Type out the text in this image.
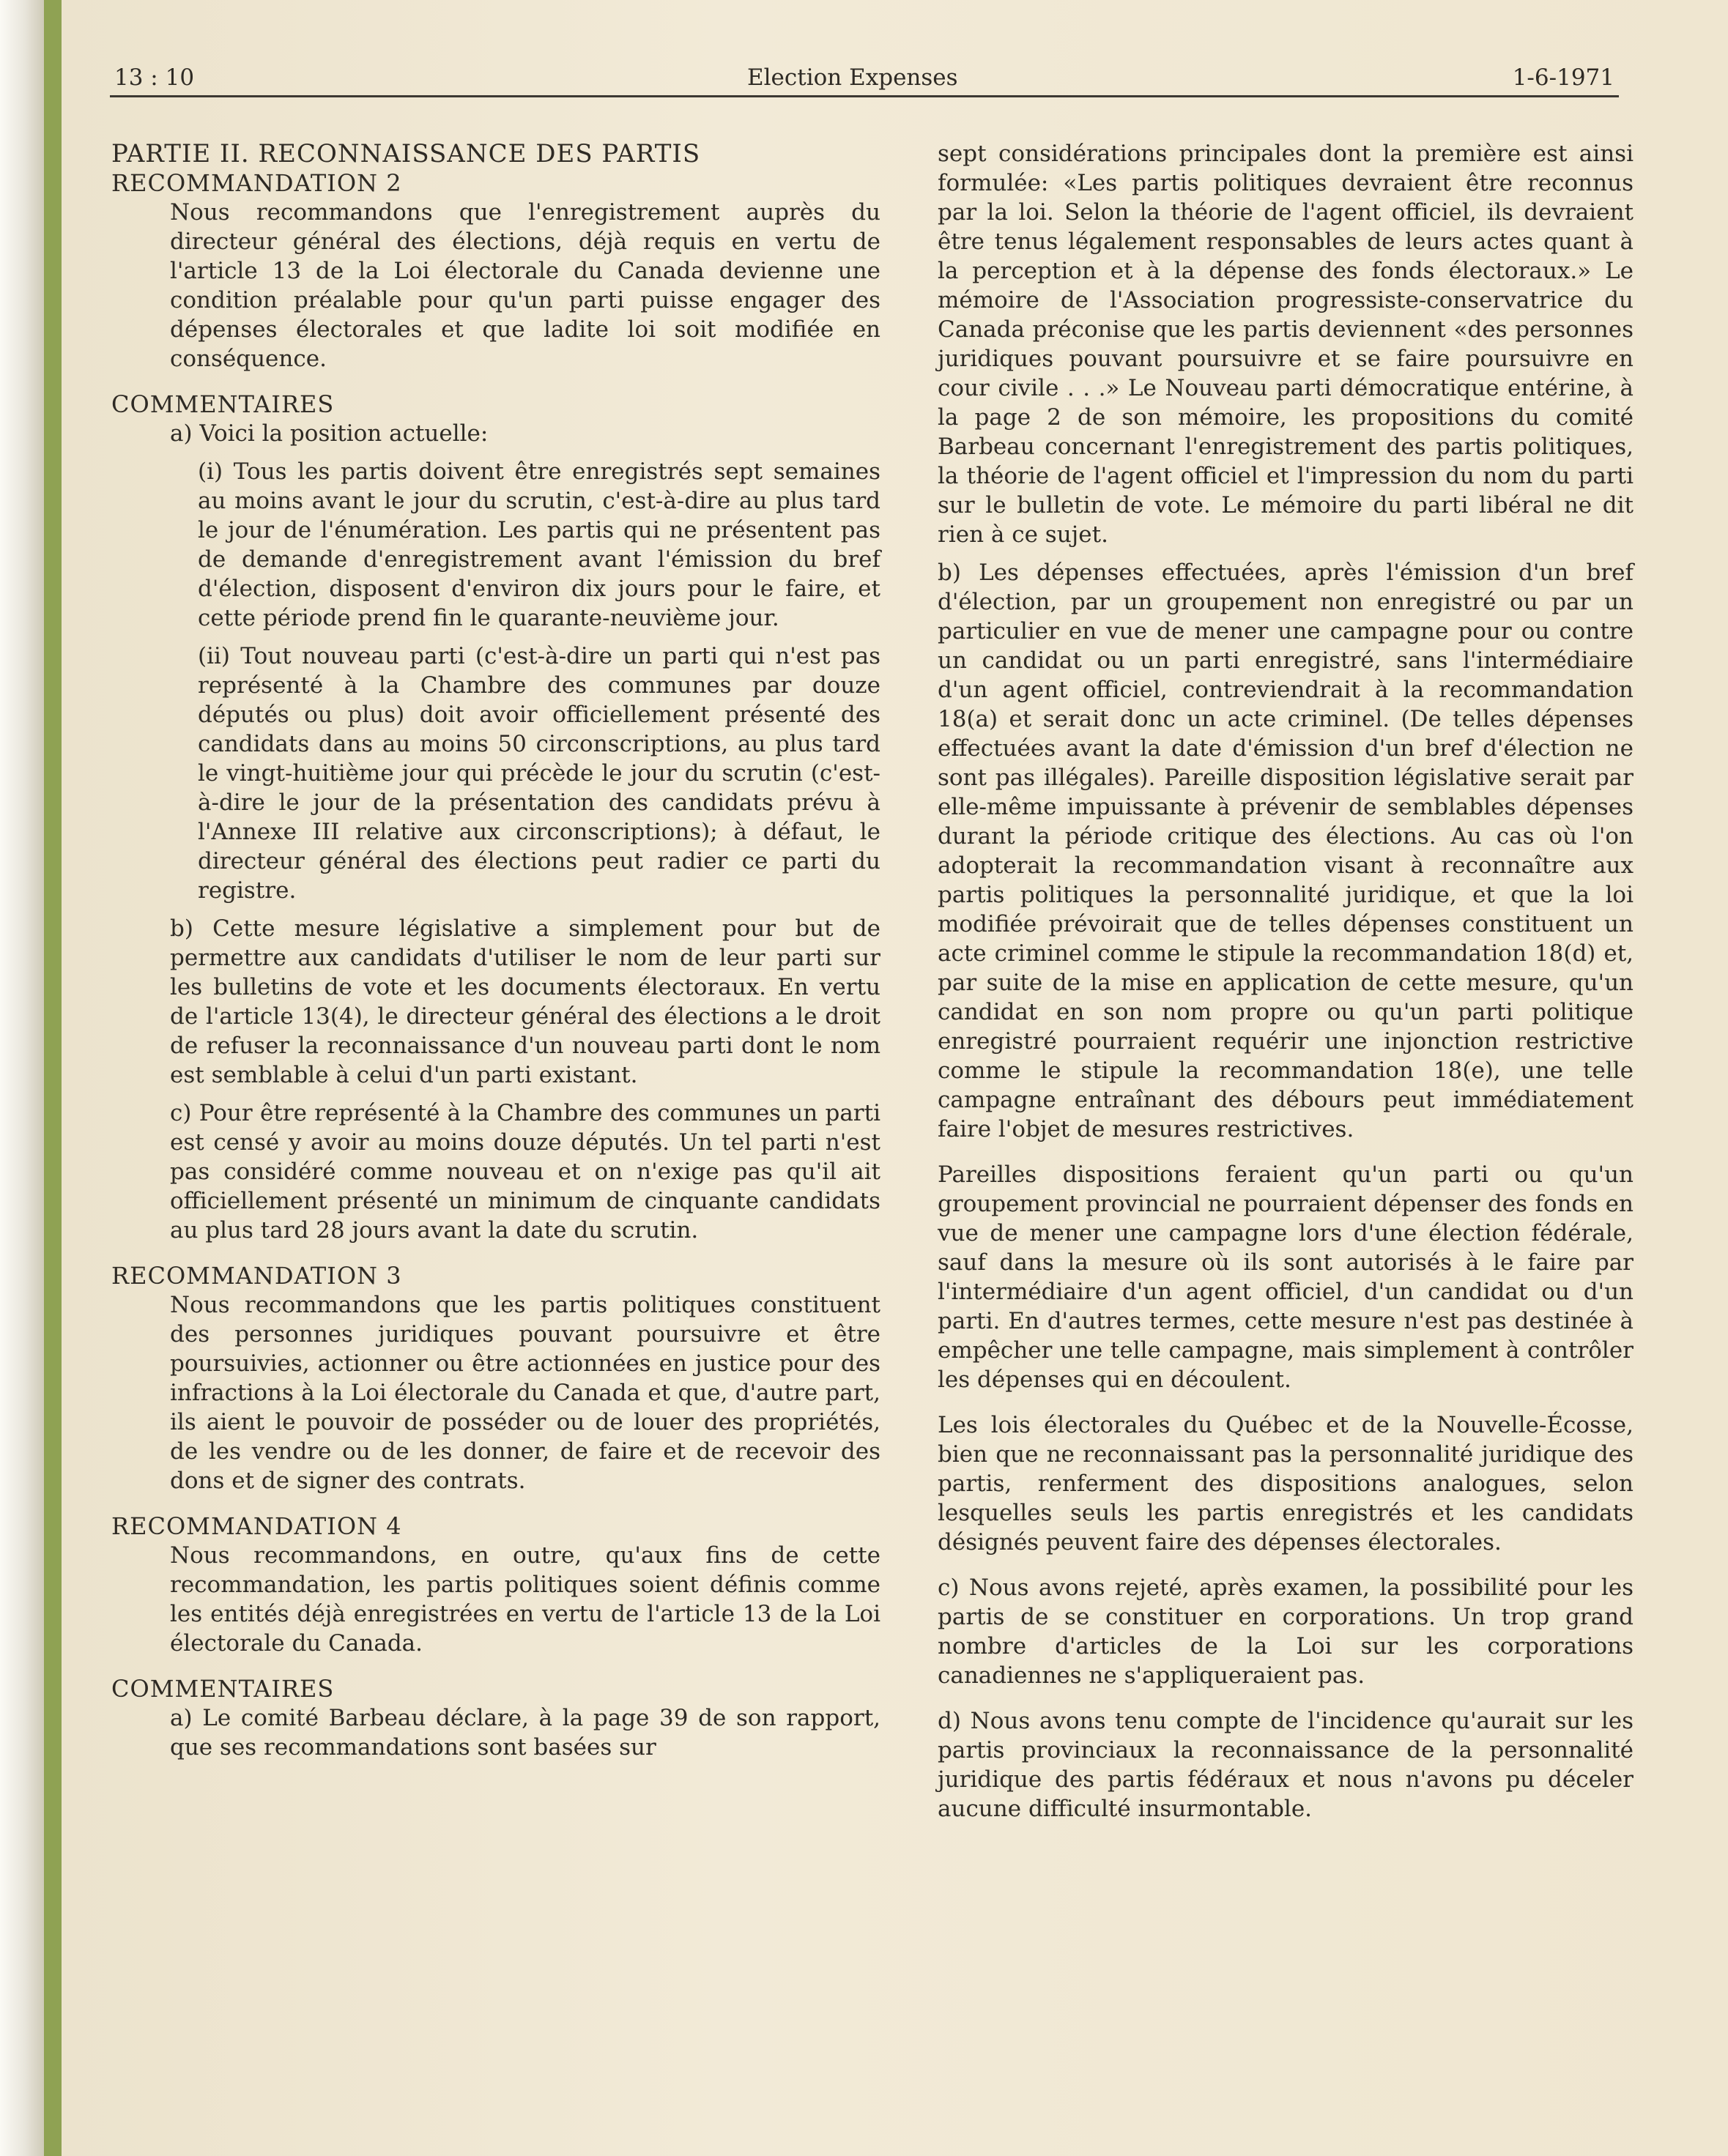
13 : 10	Election Expenses	1-6-1971

PARTIE II. RECONNAISSANCE DES PARTIS

RECOMMANDATION 2

Nous recommandons que l'enregistrement auprès du directeur général des élections, déjà requis en vertu de l'article 13 de la Loi électorale du Canada devienne une condition préalable pour qu'un parti puisse engager des dépenses électorales et que ladite loi soit modifiée en conséquence.

COMMENTAIRES

a) Voici la position actuelle:

(i) Tous les partis doivent être enregistrés sept semaines au moins avant le jour du scrutin, c'est-à-dire au plus tard le jour de l'énumération. Les partis qui ne présentent pas de demande d'enregistrement avant l'émission du bref d'élection, disposent d'environ dix jours pour le faire, et cette période prend fin le quarante-neuvième jour.

(ii) Tout nouveau parti (c'est-à-dire un parti qui n'est pas représenté à la Chambre des communes par douze députés ou plus) doit avoir officiellement présenté des candidats dans au moins 50 circonscriptions, au plus tard le vingt-huitième jour qui précède le jour du scrutin (c'est-à-dire le jour de la présentation des candidats prévu à l'Annexe III relative aux circonscriptions); à défaut, le directeur général des élections peut radier ce parti du registre.

b) Cette mesure législative a simplement pour but de permettre aux candidats d'utiliser le nom de leur parti sur les bulletins de vote et les documents électoraux. En vertu de l'article 13(4), le directeur général des élections a le droit de refuser la reconnaissance d'un nouveau parti dont le nom est semblable à celui d'un parti existant.

c) Pour être représenté à la Chambre des communes un parti est censé y avoir au moins douze députés. Un tel parti n'est pas considéré comme nouveau et on n'exige pas qu'il ait officiellement présenté un minimum de cinquante candidats au plus tard 28 jours avant la date du scrutin.

RECOMMANDATION 3

Nous recommandons que les partis politiques constituent des personnes juridiques pouvant poursuivre et être poursuivies, actionner ou être actionnées en justice pour des infractions à la Loi électorale du Canada et que, d'autre part, ils aient le pouvoir de posséder ou de louer des propriétés, de les vendre ou de les donner, de faire et de recevoir des dons et de signer des contrats.

RECOMMANDATION 4

Nous recommandons, en outre, qu'aux fins de cette recommandation, les partis politiques soient définis comme les entités déjà enregistrées en vertu de l'article 13 de la Loi électorale du Canada.

COMMENTAIRES

a) Le comité Barbeau déclare, à la page 39 de son rapport, que ses recommandations sont basées sur

sept considérations principales dont la première est ainsi formulée: «Les partis politiques devraient être reconnus par la loi. Selon la théorie de l'agent officiel, ils devraient être tenus légalement responsables de leurs actes quant à la perception et à la dépense des fonds électoraux.» Le mémoire de l'Association progressiste-conservatrice du Canada préconise que les partis deviennent «des personnes juridiques pouvant poursuivre et se faire poursuivre en cour civile . . .» Le Nouveau parti démocratique entérine, à la page 2 de son mémoire, les propositions du comité Barbeau concernant l'enregistrement des partis politiques, la théorie de l'agent officiel et l'impression du nom du parti sur le bulletin de vote. Le mémoire du parti libéral ne dit rien à ce sujet.

b) Les dépenses effectuées, après l'émission d'un bref d'élection, par un groupement non enregistré ou par un particulier en vue de mener une campagne pour ou contre un candidat ou un parti enregistré, sans l'intermédiaire d'un agent officiel, contreviendrait à la recommandation 18(a) et serait donc un acte criminel. (De telles dépenses effectuées avant la date d'émission d'un bref d'élection ne sont pas illégales). Pareille disposition législative serait par elle-même impuissante à prévenir de semblables dépenses durant la période critique des élections. Au cas où l'on adopterait la recommandation visant à reconnaître aux partis politiques la personnalité juridique, et que la loi modifiée prévoirait que de telles dépenses constituent un acte criminel comme le stipule la recommandation 18(d) et, par suite de la mise en application de cette mesure, qu'un candidat en son nom propre ou qu'un parti politique enregistré pourraient requérir une injonction restrictive comme le stipule la recommandation 18(e), une telle campagne entraînant des débours peut immédiatement faire l'objet de mesures restrictives.

Pareilles dispositions feraient qu'un parti ou qu'un groupement provincial ne pourraient dépenser des fonds en vue de mener une campagne lors d'une élection fédérale, sauf dans la mesure où ils sont autorisés à le faire par l'intermédiaire d'un agent officiel, d'un candidat ou d'un parti. En d'autres termes, cette mesure n'est pas destinée à empêcher une telle campagne, mais simplement à contrôler les dépenses qui en découlent.

Les lois électorales du Québec et de la Nouvelle-Écosse, bien que ne reconnaissant pas la personnalité juridique des partis, renferment des dispositions analogues, selon lesquelles seuls les partis enregistrés et les candidats désignés peuvent faire des dépenses électorales.

c) Nous avons rejeté, après examen, la possibilité pour les partis de se constituer en corporations. Un trop grand nombre d'articles de la Loi sur les corporations canadiennes ne s'appliqueraient pas.

d) Nous avons tenu compte de l'incidence qu'aurait sur les partis provinciaux la reconnaissance de la personnalité juridique des partis fédéraux et nous n'avons pu déceler aucune difficulté insurmontable.
